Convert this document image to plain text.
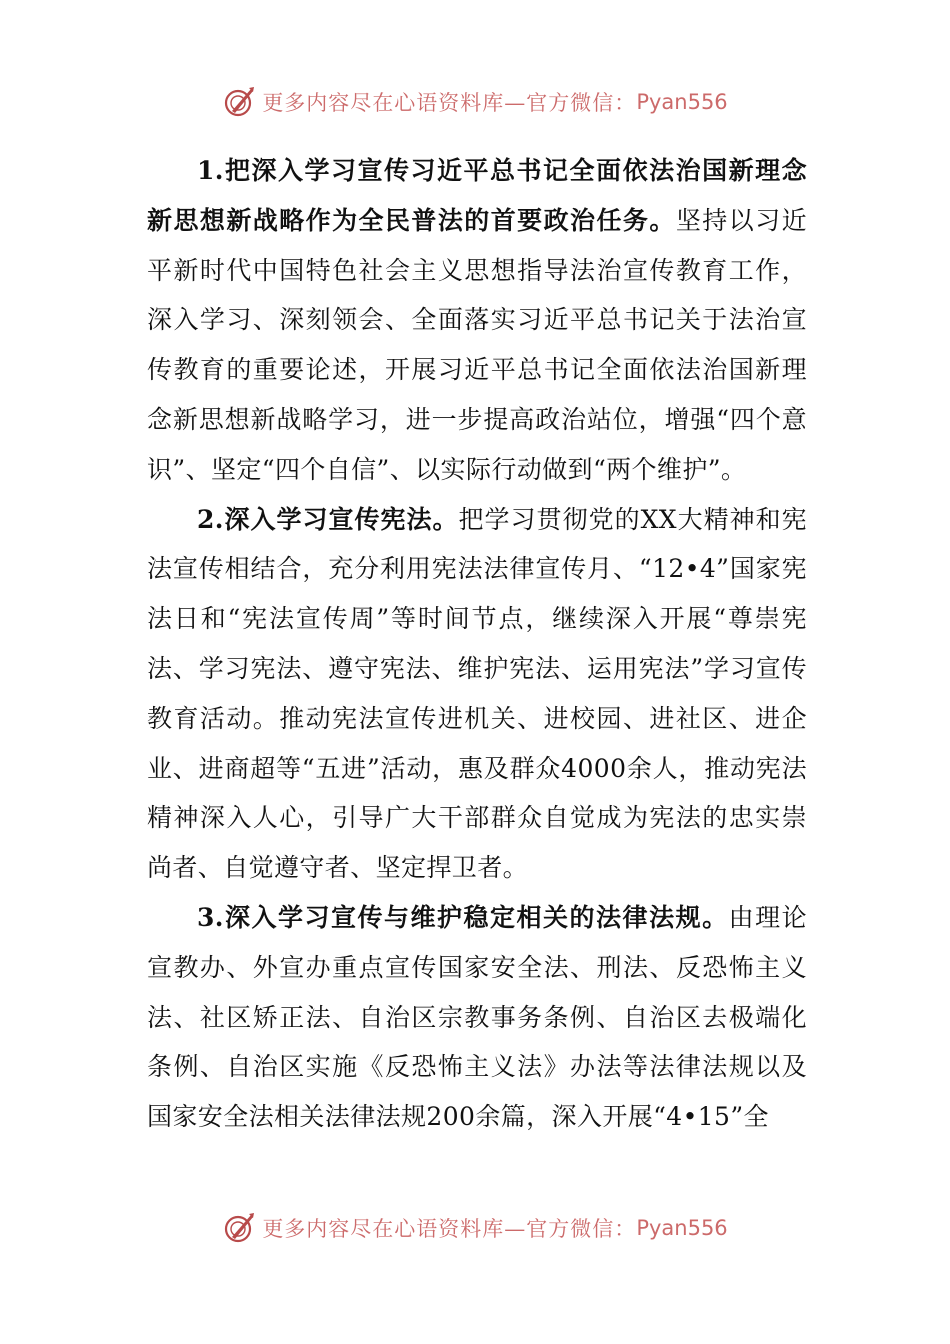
更多内容尽在心语资料库—官方微信： Pyan556

1.把深入学习宣传习近平总书记全面依法治国新理念新思想新战略作为全民普法的首要政治任务。坚持以习近平新时代中国特色社会主义思想指导法治宣传教育工作，深入学习、深刻领会、全面落实习近平总书记关于法治宣传教育的重要论述，开展习近平总书记全面依法治国新理念新思想新战略学习，进一步提高政治站位，增强“四个意识”、坚定“四个自信”、以实际行动做到“两个维护”。

2.深入学习宣传宪法。把学习贯彻党的XX大精神和宪法宣传相结合，充分利用宪法法律宣传月、“12•4”国家宪法日和“宪法宣传周”等时间节点，继续深入开展“尊崇宪法、学习宪法、遵守宪法、维护宪法、运用宪法”学习宣传教育活动。推动宪法宣传进机关、进校园、进社区、进企业、进商超等“五进”活动，惠及群众4000余人，推动宪法精神深入人心，引导广大干部群众自觉成为宪法的忠实崇尚者、自觉遵守者、坚定捍卫者。

3.深入学习宣传与维护稳定相关的法律法规。由理论宣教办、外宣办重点宣传国家安全法、刑法、反恐怖主义法、社区矫正法、自治区宗教事务条例、自治区去极端化条例、自治区实施《反恐怖主义法》办法等法律法规以及国家安全法相关法律法规200余篇，深入开展“4•15”全

更多内容尽在心语资料库—官方微信： Pyan556
